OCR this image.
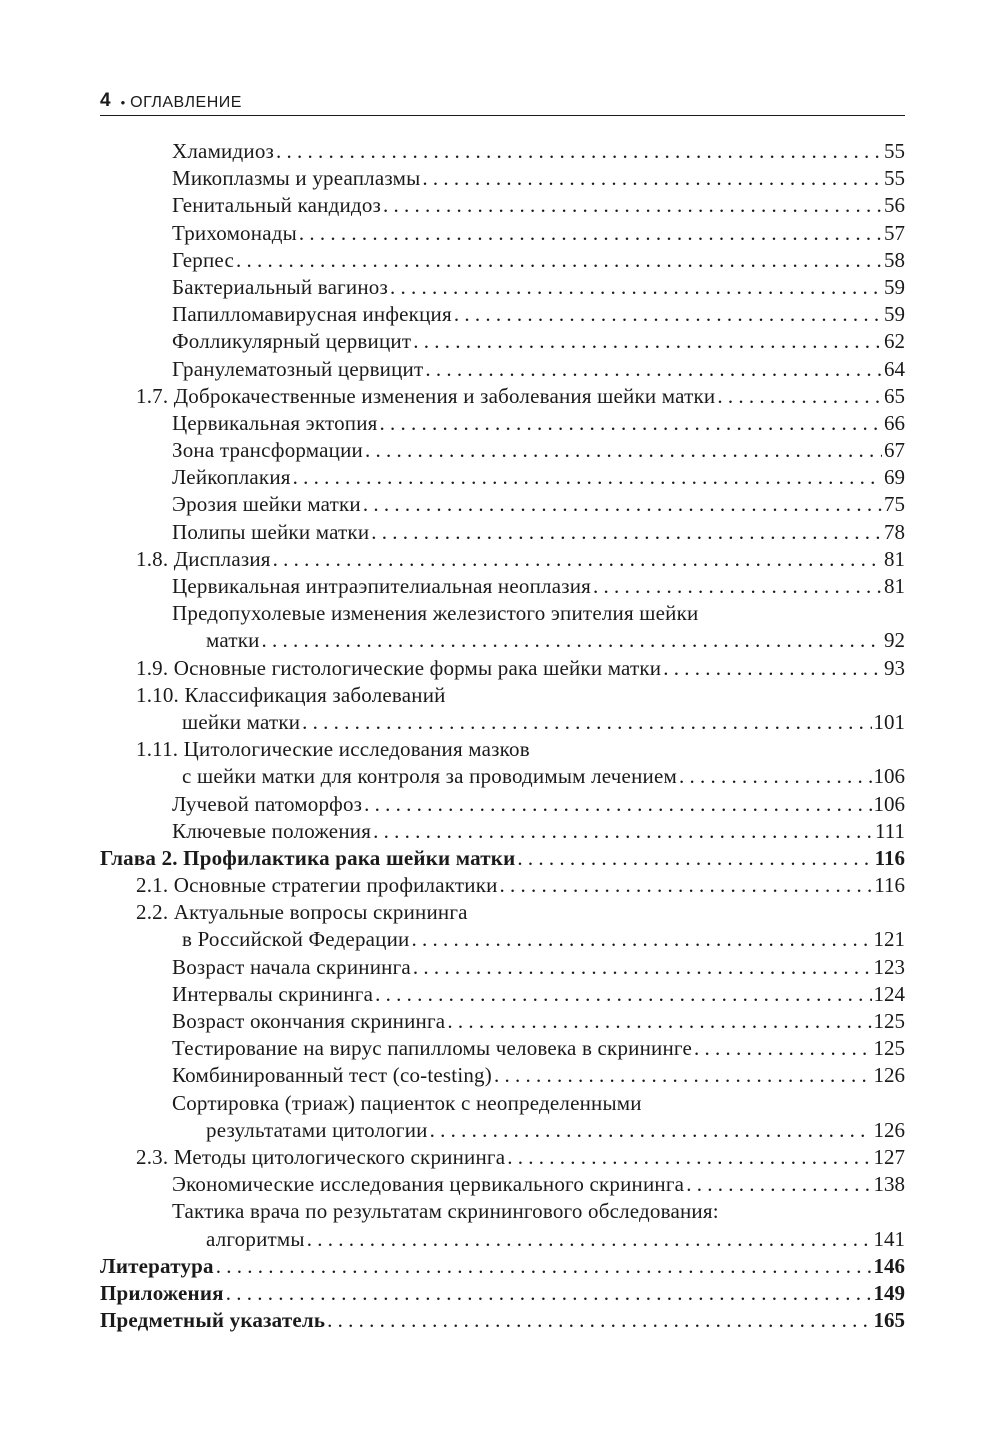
4 • ОГЛАВЛЕНИЕ
Хламидиоз . . .	55
Микоплазмы и уреаплазмы . . .	55
Генитальный кандидоз . . .	56
Трихомонады . . .	57
Герпес . . .	58
Бактериальный вагиноз . . .	59
Папилломавирусная инфекция . . .	59
Фолликулярный цервицит . . .	62
Гранулематозный цервицит . . .	64
1.7. Доброкачественные изменения и заболевания шейки матки . . .	65
Цервикальная эктопия . . .	66
Зона трансформации . . .	67
Лейкоплакия . . .	69
Эрозия шейки матки . . .	75
Полипы шейки матки . . .	78
1.8. Дисплазия . . .	81
Цервикальная интраэпителиальная неоплазия . . .	81
Предопухолевые изменения железистого эпителия шейки
матки . . .	92
1.9. Основные гистологические формы рака шейки матки . . .	93
1.10. Классификация заболеваний
шейки матки . . .	101
1.11. Цитологические исследования мазков
с шейки матки для контроля за проводимым лечением . . .	106
Лучевой патоморфоз . . .	106
Ключевые положения . . .	111
Глава 2. Профилактика рака шейки матки . . .	116
2.1. Основные стратегии профилактики . . .	116
2.2. Актуальные вопросы скрининга
в Российской Федерации . . .	121
Возраст начала скрининга . . .	123
Интервалы скрининга . . .	124
Возраст окончания скрининга . . .	125
Тестирование на вирус папилломы человека в скрининге . . .	125
Комбинированный тест (co-testing) . . .	126
Сортировка (триаж) пациенток с неопределенными
результатами цитологии . . .	126
2.3. Методы цитологического скрининга . . .	127
Экономические исследования цервикального скрининга . . .	138
Тактика врача по результатам скринингового обследования:
алгоритмы . . .	141
Литература . . .	146
Приложения . . .	149
Предметный указатель . . .	165
